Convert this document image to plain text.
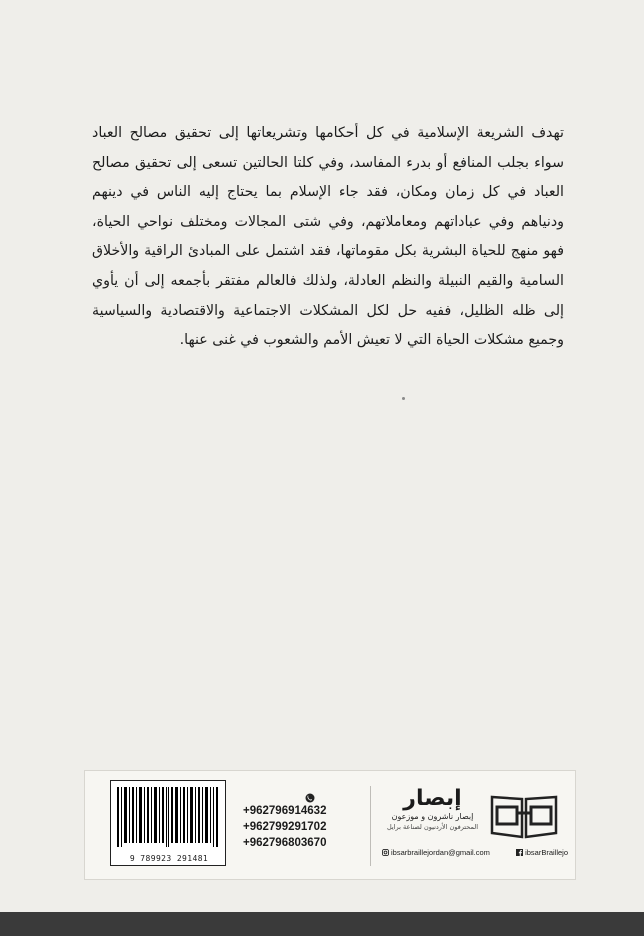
تهدف الشريعة الإسلامية في كل أحكامها وتشريعاتها إلى تحقيق مصالح العباد سواء بجلب المنافع أو بدرء المفاسد، وفي كلتا الحالتين تسعى إلى تحقيق مصالح العباد في كل زمان ومكان، فقد جاء الإسلام بما يحتاج إليه الناس في دينهم ودنياهم وفي عباداتهم ومعاملاتهم، وفي شتى المجالات ومختلف نواحي الحياة، فهو منهج للحياة البشرية بكل مقوماتها، فقد اشتمل على المبادئ الراقية والأخلاق السامية والقيم النبيلة والنظم العادلة، ولذلك فالعالم مفتقر بأجمعه إلى أن يأوي إلى ظله الظليل، ففيه حل لكل المشكلات الاجتماعية والاقتصادية والسياسية وجميع مشكلات الحياة التي لا تعيش الأمم والشعوب في غنى عنها.

9 789923 291481

+962796914632

+962799291702

+962796803670

إبصار
إبصار ناشرون و موزعون
المحترفون الأردنيون لصناعة برايل
ibsarbraillejordan@gmail.com	ibsarBraillejo
